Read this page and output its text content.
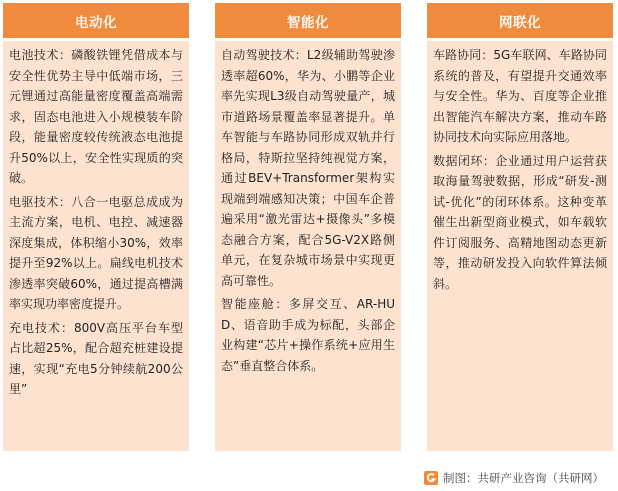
电动化

电池技术：磷酸铁锂凭借成本与安全性优势主导中低端市场，三元锂通过高能量密度覆盖高端需求，固态电池进入小规模装车阶段，能量密度较传统液态电池提升50%以上，安全性实现质的突破。

电驱技术：八合一电驱总成成为主流方案，电机、电控、减速器深度集成，体积缩小30%，效率提升至92%以上。扁线电机技术渗透率突破60%，通过提高槽满率实现功率密度提升。

充电技术：800V高压平台车型占比超25%，配合超充桩建设提速，实现“充电5分钟续航200公里”

智能化

自动驾驶技术：L2级辅助驾驶渗透率超60%，华为、小鹏等企业率先实现L3级自动驾驶量产，城市道路场景覆盖率显著提升。单车智能与车路协同形成双轨并行格局，特斯拉坚持纯视觉方案，通过BEV+Transformer架构实现端到端感知决策；中国车企普遍采用“激光雷达+摄像头”多模态融合方案，配合5G-V2X路侧单元，在复杂城市场景中实现更高可靠性。

智能座舱：多屏交互、AR-HUD、语音助手成为标配，头部企业构建“芯片+操作系统+应用生态”垂直整合体系。

网联化

车路协同：5G车联网、车路协同系统的普及，有望提升交通效率与安全性。华为、百度等企业推出智能汽车解决方案，推动车路协同技术向实际应用落地。

数据闭环：企业通过用户运营获取海量驾驶数据，形成“研发-测试-优化”的闭环体系。这种变革催生出新型商业模式，如车载软件订阅服务、高精地图动态更新等，推动研发投入向软件算法倾斜。

制图：共研产业咨询（共研网）
